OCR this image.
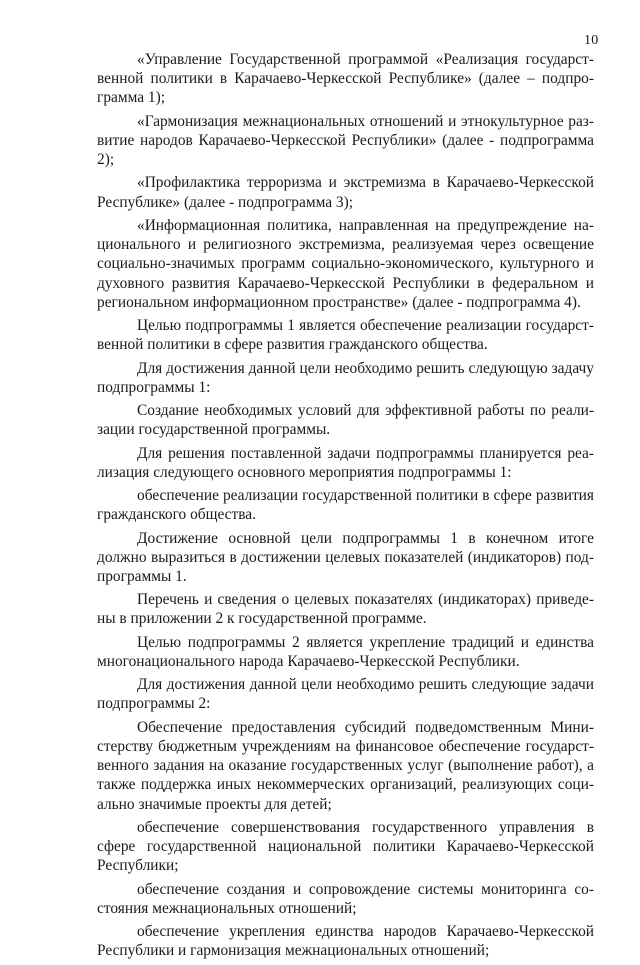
10

«Управление Государственной программой «Реализация государст-
венной политики в Карачаево-Черкесской Республике» (далее – подпро-
грамма 1);

«Гармонизация межнациональных отношений и этнокультурное раз-
витие народов Карачаево-Черкесской Республики» (далее - подпрограмма
2);

«Профилактика терроризма и экстремизма в Карачаево-Черкесской
Республике» (далее - подпрограмма 3);

«Информационная политика, направленная на предупреждение на-
ционального и религиозного экстремизма, реализуемая через освещение
социально-значимых программ социально-экономического, культурного и
духовного развития Карачаево-Черкесской Республики в федеральном и
региональном информационном пространстве» (далее - подпрограмма 4).

Целью подпрограммы 1 является обеспечение реализации государст-
венной политики в сфере развития гражданского общества.

Для достижения данной цели необходимо решить следующую задачу
подпрограммы 1:

Создание необходимых условий для эффективной работы по реали-
зации государственной программы.

Для решения поставленной задачи подпрограммы планируется реа-
лизация следующего основного мероприятия подпрограммы 1:

обеспечение реализации государственной политики в сфере развития
гражданского общества.

Достижение основной цели подпрограммы 1 в конечном итоге
должно выразиться в достижении целевых показателей (индикаторов) под-
программы 1.

Перечень и сведения о целевых показателях (индикаторах) приведе-
ны в приложении 2 к государственной программе.

Целью подпрограммы 2 является укрепление традиций и единства
многонационального народа Карачаево-Черкесской Республики.

Для достижения данной цели необходимо решить следующие задачи
подпрограммы 2:

Обеспечение предоставления субсидий подведомственным Мини-
стерству бюджетным учреждениям на финансовое обеспечение государст-
венного задания на оказание государственных услуг (выполнение работ), а
также поддержка иных некоммерческих организаций, реализующих соци-
ально значимые проекты для детей;

обеспечение совершенствования государственного управления в
сфере государственной национальной политики Карачаево-Черкесской
Республики;

обеспечение создания и сопровождение системы мониторинга со-
стояния межнациональных отношений;

обеспечение укрепления единства народов Карачаево-Черкесской
Республики и гармонизация межнациональных отношений;
